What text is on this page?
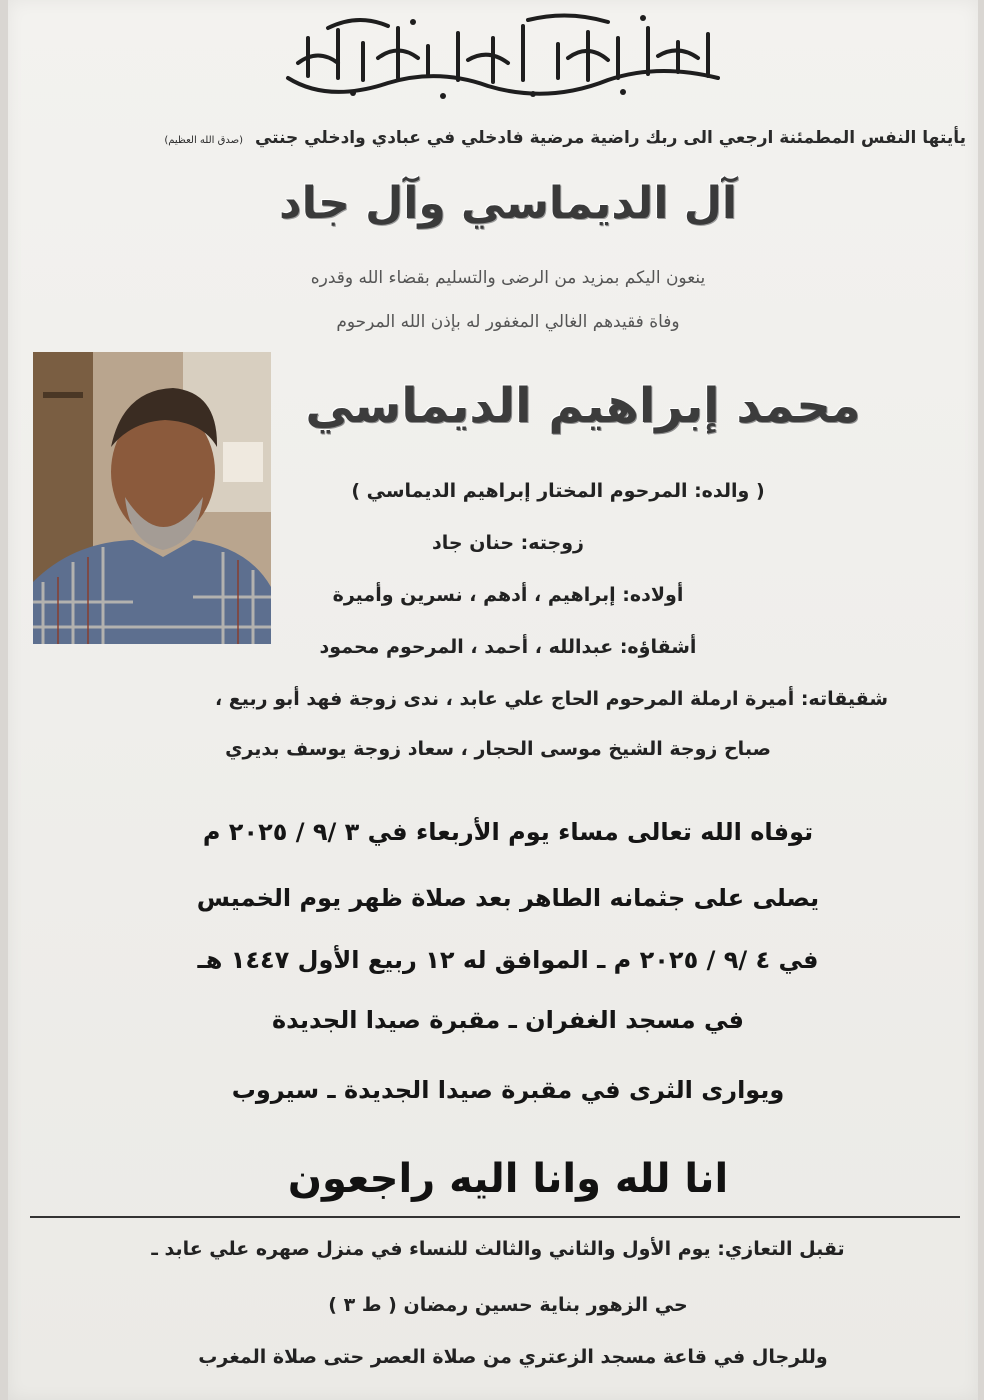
يأيتها النفس المطمئنة ارجعي الى ربك راضية مرضية فادخلي في عبادي وادخلي جنتي (صدق الله العظيم)
آل الديماسي وآل جاد
ينعون اليكم بمزيد من الرضى والتسليم بقضاء الله وقدره
وفاة فقيدهم الغالي المغفور له بإذن الله المرحوم
محمد إبراهيم الديماسي
( والده: المرحوم المختار إبراهيم الديماسي )
زوجته: حنان جاد
أولاده: إبراهيم ، أدهم ، نسرين وأميرة
أشقاؤه: عبدالله ، أحمد ، المرحوم محمود
شقيقاته: أميرة ارملة المرحوم الحاج علي عابد ، ندى زوجة فهد أبو ربيع ،
صباح زوجة الشيخ موسى الحجار ، سعاد زوجة يوسف بديري
توفاه الله تعالى مساء يوم الأربعاء في ٣ /٩ / ٢٠٢٥ م
يصلى على جثمانه الطاهر بعد صلاة ظهر يوم الخميس
في ٤ /٩ / ٢٠٢٥ م ـ الموافق له ١٢ ربيع الأول ١٤٤٧ هـ
في مسجد الغفران ـ مقبرة صيدا الجديدة
ويوارى الثرى في مقبرة صيدا الجديدة ـ سيروب
انا لله وانا اليه راجعون
تقبل التعازي: يوم الأول والثاني والثالث للنساء في منزل صهره علي عابد ـ
حي الزهور بناية حسين رمضان ( ط ٣ )
وللرجال في قاعة مسجد الزعتري من صلاة العصر حتى صلاة المغرب
